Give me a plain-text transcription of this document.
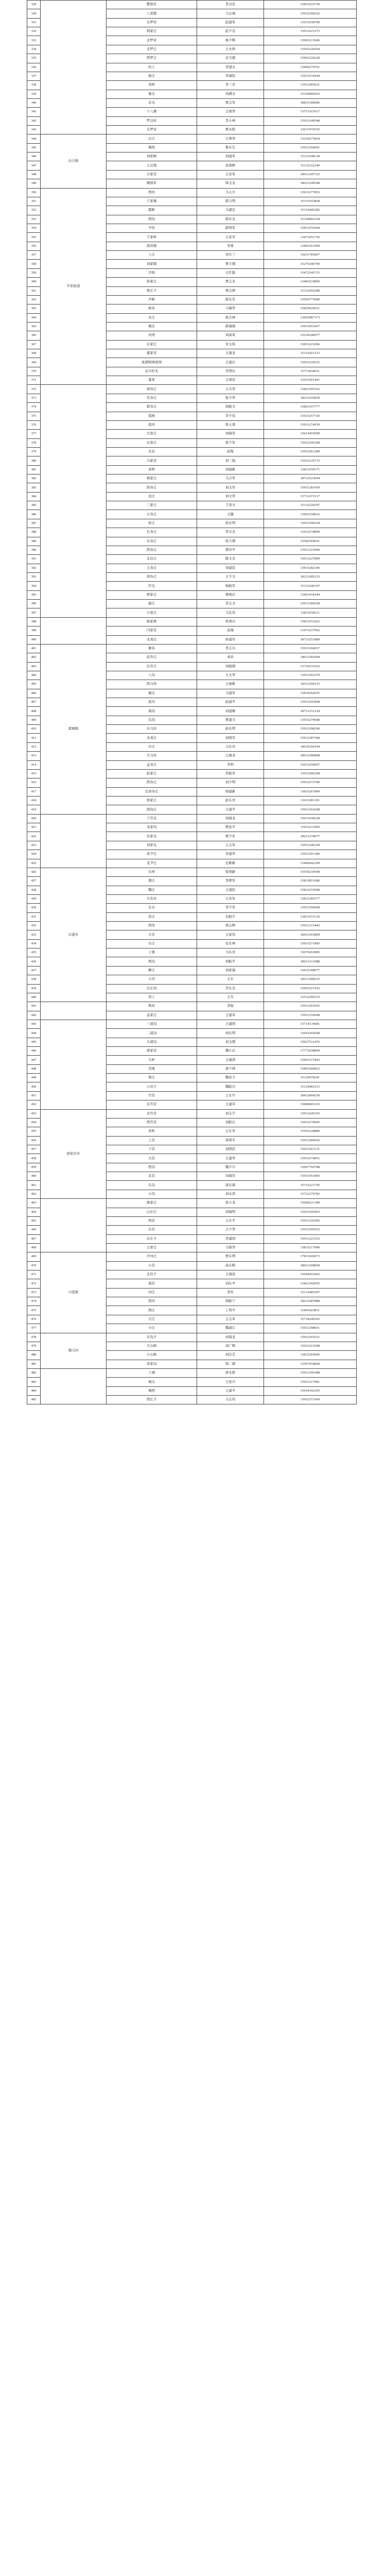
329		紫阳村	李汉忠	15833255750
330		八里铺	马会海	15932208192
331		东罗村	赵建军	13633258789
332		韩家庄	赵少良	13933221575
333		北罗村	杨少辉	15903213606
334		北罗庄	王永坤	13503220364
335		西罗庄	史文斌	15903229228
336		坊上	李建友	13400279761
337		杨庄	李瑞民	15933218428
338		黄桥	李三安	13933285621
339		堡北	刘满全	15194890293
340		北屯	贾志军	18833180086
341		十八滩	王晓华	13573167617
342		罗洼村	李小林	15931249548
343		东罗村	贾永胜	13637476555
344	白合镇	白合	王翠华	13230275964
345		城西	鲁东生	15031266001
346		刘家峪	刘建军	15133248128
347		土岔地	景晓辉	15132222240
348		方家营	王春军	18031247125
349		桃园乡	韩玉龙	18631249548
350	平原街道	西坊	马天兵	15933277855
351		于家庵	郭占明	15333103858
352		霞峪	马建宏	15132445282
353		西沟	郭东宝	15194892194
354		羊坊	郭国军	15833256284
355		于家岭	王景军	13473291736
356		南黄铺	李勇	13483261999
357		上庄	宋红兰	15031785807
358		刘家铺	贾立刚	15276346790
359		沙坡	王红振	15472245715
360		孙家庄	贾志杰	13483210895
361		贾庄子	贾会增	15132456280
362		芦峪	郭友安	15050775089
363		杨各	马瑞华	15829626021
364		北庄	张会林	13003987373
365		城北	郭瑞海	15933453457
366		河湾	刘富荣	15230240677
367		东家庄	宋玉枝	15833221096
368		董家营	王海龙	15132421215
369		星湖锦绣家园	王建东	15933218332
370		金兴时光	李国东	15731834011
371		蓬莱	王国忠	13933501441
372		周各庄	王兴华	13463395362
373		肖各庄	张少华	18231435839
374		郭各庄	周振文	15803357777
375		孤树	李少伟	15933257720
376		流河	张士勇	15931274939
377		大里庄	刘海军	15614455999
378		东里庄	张少年	15932245298
379		北岩	赵俊	15933261280
380		马家营	刘三强	15933235715
381		老桥	刘建新	13833250171
382		杨家庄	马占学	18732523044
383		西各庄	刘玉军	15931281950
384		范庄	刘文华	15731671517
385		三家庄	于洪文	15132220297
386		五各庄	王健	13903258622
387		崔庄	张东明	15033290258
388		长各庄	李文杰	13933278890
389		东各庄	张立刚	15582560641
390		西各庄	贾印平	13931223990
391		北岩庄	陈文杰	15033227899
392		王各庄	刘建民	13933282346
393		南各庄	王少文	18233285233
394		官屯	杨振军	15133246197
395		贾家庄	贾晓东	13463418344
396		霍庄	李志文	15931284528
397		小里庄	马宏伟	13833258211
398		杨家寨	朱国兴	15833251663
399		闫家营	高海	13472227962
400		北刘庄	孙建军	18733251889
401	郭城镇	庵各	李志兴	15933260657
402		前乔庄	刘春	18031282068
403		后乔庄	刘德刚	13730235262
404		八沟	王文华	13933203270
405		西马坊	王丽新	18331294215
406		城关	马建军	15830264655
407		泥河	赵建平	15933241808
408		南沟	刘建雄	18731231218
409		后沟	贾建文	13933279688
410		东马坊	赵东明	15933298290
411		北刘庄	刘国军	15931287508
412		付庄	马东亮	18630266544
413		大马坊	王海龙	18633280808
414		孟各庄	李明	15033259007
415		赵家庄	李振军	13933286208
416		西各庄	刘少明	15933272780
417		北刘各庄	周建新	13833267800
418		侯家庄	赵东亮	13633281291
419		南沟庄	王建平	15931262608
420		下官屯	刘海龙	15931438228
421		龙家沟	贾连平	15933211960
422		安家屯	贾少军	18631278977
423		刘家屯	王志军	15933246328
424		老尹庄	李建华	15933291380
425		龙尹庄	史新新	13400442299
426	东港乡	东埠	张国新	15930230598
427		潘庄	李锁军	15833851680
428		魏庄	王建民	15833255998
429		大安坊	王春军	13833285377
430		东水	李少军	13933296608
431		苏庄	史振宇	13833253120
432		西岗	邢志辉	15931215442
433		大安	王家伟	18433265809
434		东庄	史东林	15933271893
435		上堡	马东亮	15070263985
436		西沟	刘振平	18631211088
437		柳庄	刘家瑞	15932308977
438		小河	王东	18231208225
439		东庄岗	李东全	15093257432
440		岗上	王兵	15532200332
441		柴村	李振	15933203055
442		孟家庄	王建军	15931250698
443		三道沟	王建国	15714134681
444		二道沟	刘东明	13643292668
445		头道沟	刘玉刚	15027512476
446		唐家营	魏小东	17772038809
447		大岭	王海涛	15903317843
448		荒地	唐少林	15803200823
449		梁庄	魏春子	15129478241
450		小营子	魏振兴	15129483215
451		官营	王东升	18432004250
452		东官营	王建军	15080065165
453	唐家营乡	北官营	刘志宇	15933245355
454		西官营	刘振东	15933270045
455		黄岭	王东军	15503228880
456		上营	周利平	15933284502
457		下营	刘国民	15933267231
458		大营	王建华	15933274851
459		西沟	魏少兵	15097760788
460		北营	刘海军	15931051805
461		东沟	唐东海	15722221795
462		小沟	刘永涛	15722279783
463		黑家庄	张小龙	15690221389
464		山东庄	刘海明	15933243963
465		西营	王东平	15931226583
466		东营	王少华	15933295652
467		东庄子	李建国	15931223352
468		王家庄	马保华	13833217980
469	川里镇	沙河庄	贾东明	17831043073
470		小营	高东辉	18031208858
471		北营子	王海波	15094291802
472		南营	刘东平	13461560955
473		河庄	李军	15132485397
474		西河	韩振宁	18233287888
475		西庄	丁利平	15405423811
476		大庄	王志军	15734240303
477		小庄	魏建江	15931298831
478	铜马河	东沟子	刘海龙	15933265521
479		大石峪	刘广辉	15033221098
480		小石峪	刘宗艺	13833203006
481		黄家沟	韩二群	13507018060
482		上城	唐永胜	15931206388
483		城关	王连兵	15931217881
484		城西	王建平	15934102305
485		西庄子	马志伟	13932271069
